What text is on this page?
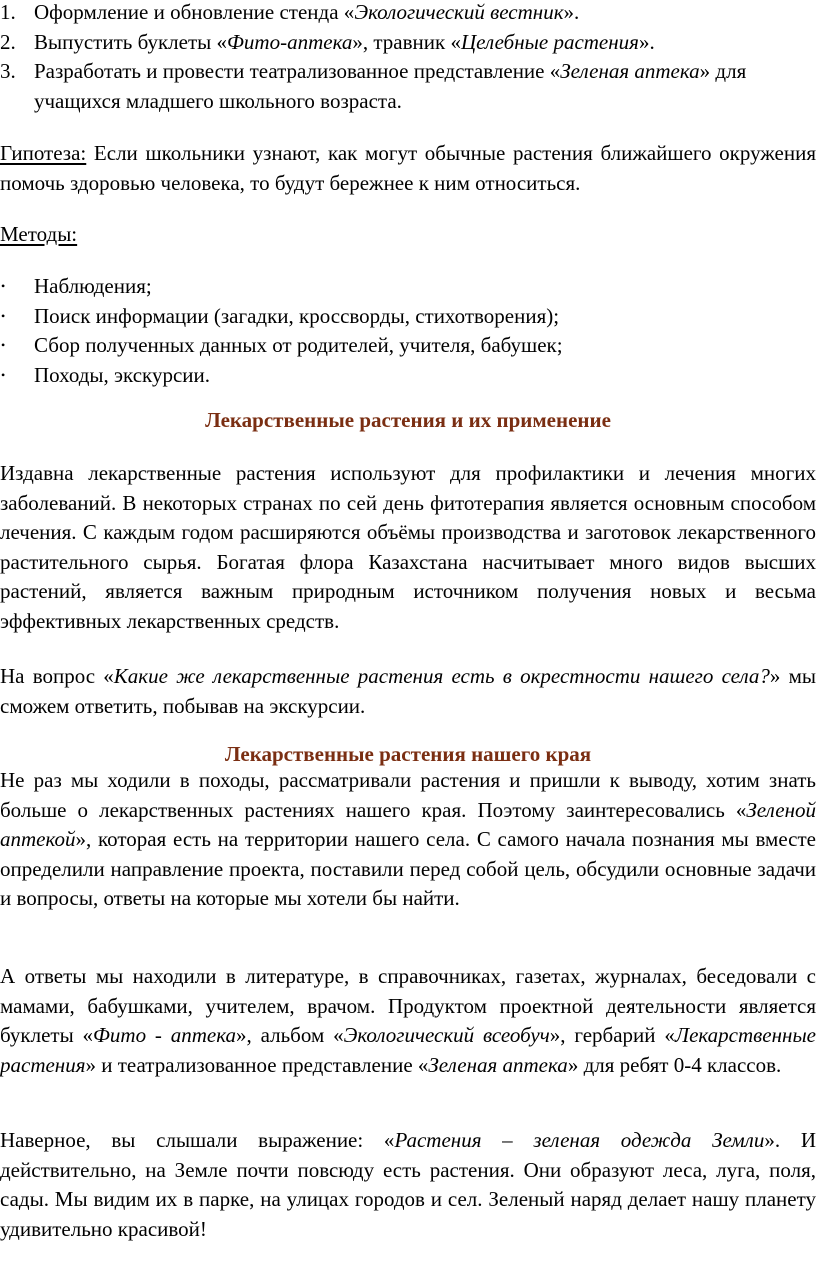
1. Оформление и обновление стенда «Экологический вестник».

2. Выпустить буклеты «Фито-аптека», травник «Целебные растения».

3. Разработать и провести театрализованное представление «Зеленая аптека» для учащихся младшего школьного возраста.

Гипотеза: Если школьники узнают, как могут обычные растения ближайшего окружения помочь здоровью человека, то будут бережнее к ним относиться.

Методы:

•	Наблюдения;
•	Поиск информации (загадки, кроссворды, стихотворения);
•	Сбор полученных данных от родителей, учителя, бабушек;
•	Походы, экскурсии.

Лекарственные растения и их применение

Издавна лекарственные растения используют для профилактики и лечения многих заболеваний. В некоторых странах по сей день фитотерапия является основным способом лечения. С каждым годом расширяются объёмы производства и заготовок лекарственного растительного сырья. Богатая флора Казахстана насчитывает много видов высших растений, является важным природным источником получения новых и весьма эффективных лекарственных средств.

На вопрос «Какие же лекарственные растения есть в окрестности нашего села?» мы сможем ответить, побывав на экскурсии.

Лекарственные растения нашего края

Не раз мы ходили в походы, рассматривали растения и пришли к выводу, хотим знать больше о лекарственных растениях нашего края. Поэтому заинтересовались «Зеленой аптекой», которая есть на территории нашего села. С самого начала познания мы вместе определили направление проекта, поставили перед собой цель, обсудили основные задачи и вопросы, ответы на которые мы хотели бы найти.

А ответы мы находили в литературе, в справочниках, газетах, журналах, беседовали с мамами, бабушками, учителем, врачом. Продуктом проектной деятельности является буклеты «Фито - аптека», альбом «Экологический всеобуч», гербарий «Лекарственные растения» и театрализованное представление «Зеленая аптека» для ребят 0-4 классов.

Наверное, вы слышали выражение: «Растения – зеленая одежда Земли». И действительно, на Земле почти повсюду есть растения. Они образуют леса, луга, поля, сады. Мы видим их в парке, на улицах городов и сел. Зеленый наряд делает нашу планету удивительно красивой!
